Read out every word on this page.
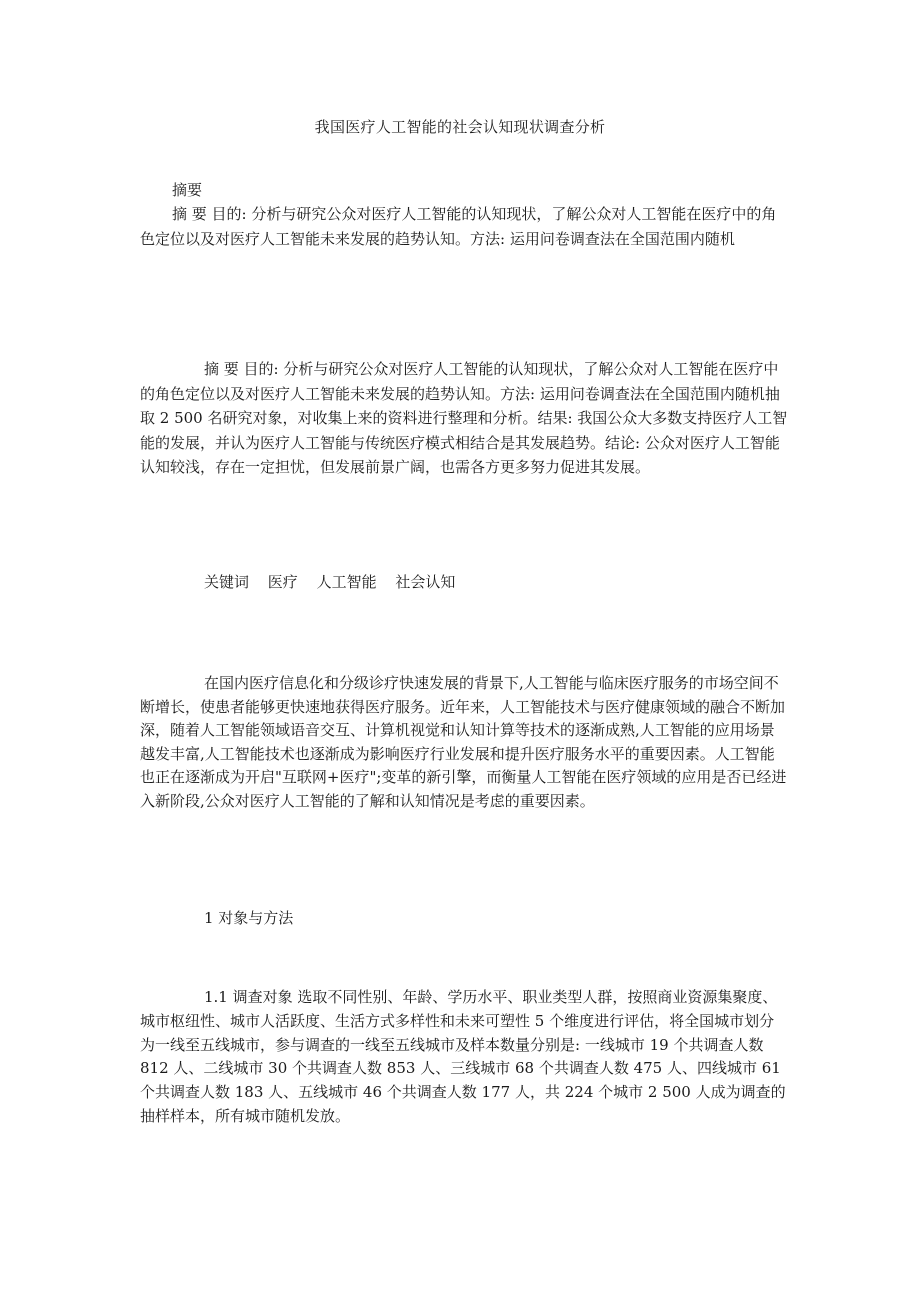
我国医疗人工智能的社会认知现状调查分析
摘要
摘 要 目的: 分析与研究公众对医疗人工智能的认知现状，了解公众对人工智能在医疗中的角色定位以及对医疗人工智能未来发展的趋势认知。方法: 运用问卷调查法在全国范围内随机
摘 要 目的: 分析与研究公众对医疗人工智能的认知现状，了解公众对人工智能在医疗中的角色定位以及对医疗人工智能未来发展的趋势认知。方法: 运用问卷调查法在全国范围内随机抽取 2 500 名研究对象，对收集上来的资料进行整理和分析。结果: 我国公众大多数支持医疗人工智能的发展，并认为医疗人工智能与传统医疗模式相结合是其发展趋势。结论: 公众对医疗人工智能认知较浅，存在一定担忧，但发展前景广阔，也需各方更多努力促进其发展。
关键词 医疗 人工智能 社会认知
在国内医疗信息化和分级诊疗快速发展的背景下,人工智能与临床医疗服务的市场空间不断增长，使患者能够更快速地获得医疗服务。近年来，人工智能技术与医疗健康领域的融合不断加深，随着人工智能领域语音交互、计算机视觉和认知计算等技术的逐渐成熟,人工智能的应用场景越发丰富,人工智能技术也逐渐成为影响医疗行业发展和提升医疗服务水平的重要因素。人工智能也正在逐渐成为开启"互联网+医疗";变革的新引擎，而衡量人工智能在医疗领域的应用是否已经进入新阶段,公众对医疗人工智能的了解和认知情况是考虑的重要因素。
1 对象与方法
1.1 调查对象 选取不同性别、年龄、学历水平、职业类型人群，按照商业资源集聚度、城市枢纽性、城市人活跃度、生活方式多样性和未来可塑性 5 个维度进行评估，将全国城市划分为一线至五线城市，参与调查的一线至五线城市及样本数量分别是: 一线城市 19 个共调查人数 812 人、二线城市 30 个共调查人数 853 人、三线城市 68 个共调查人数 475 人、四线城市 61 个共调查人数 183 人、五线城市 46 个共调查人数 177 人，共 224 个城市 2 500 人成为调查的抽样样本，所有城市随机发放。
